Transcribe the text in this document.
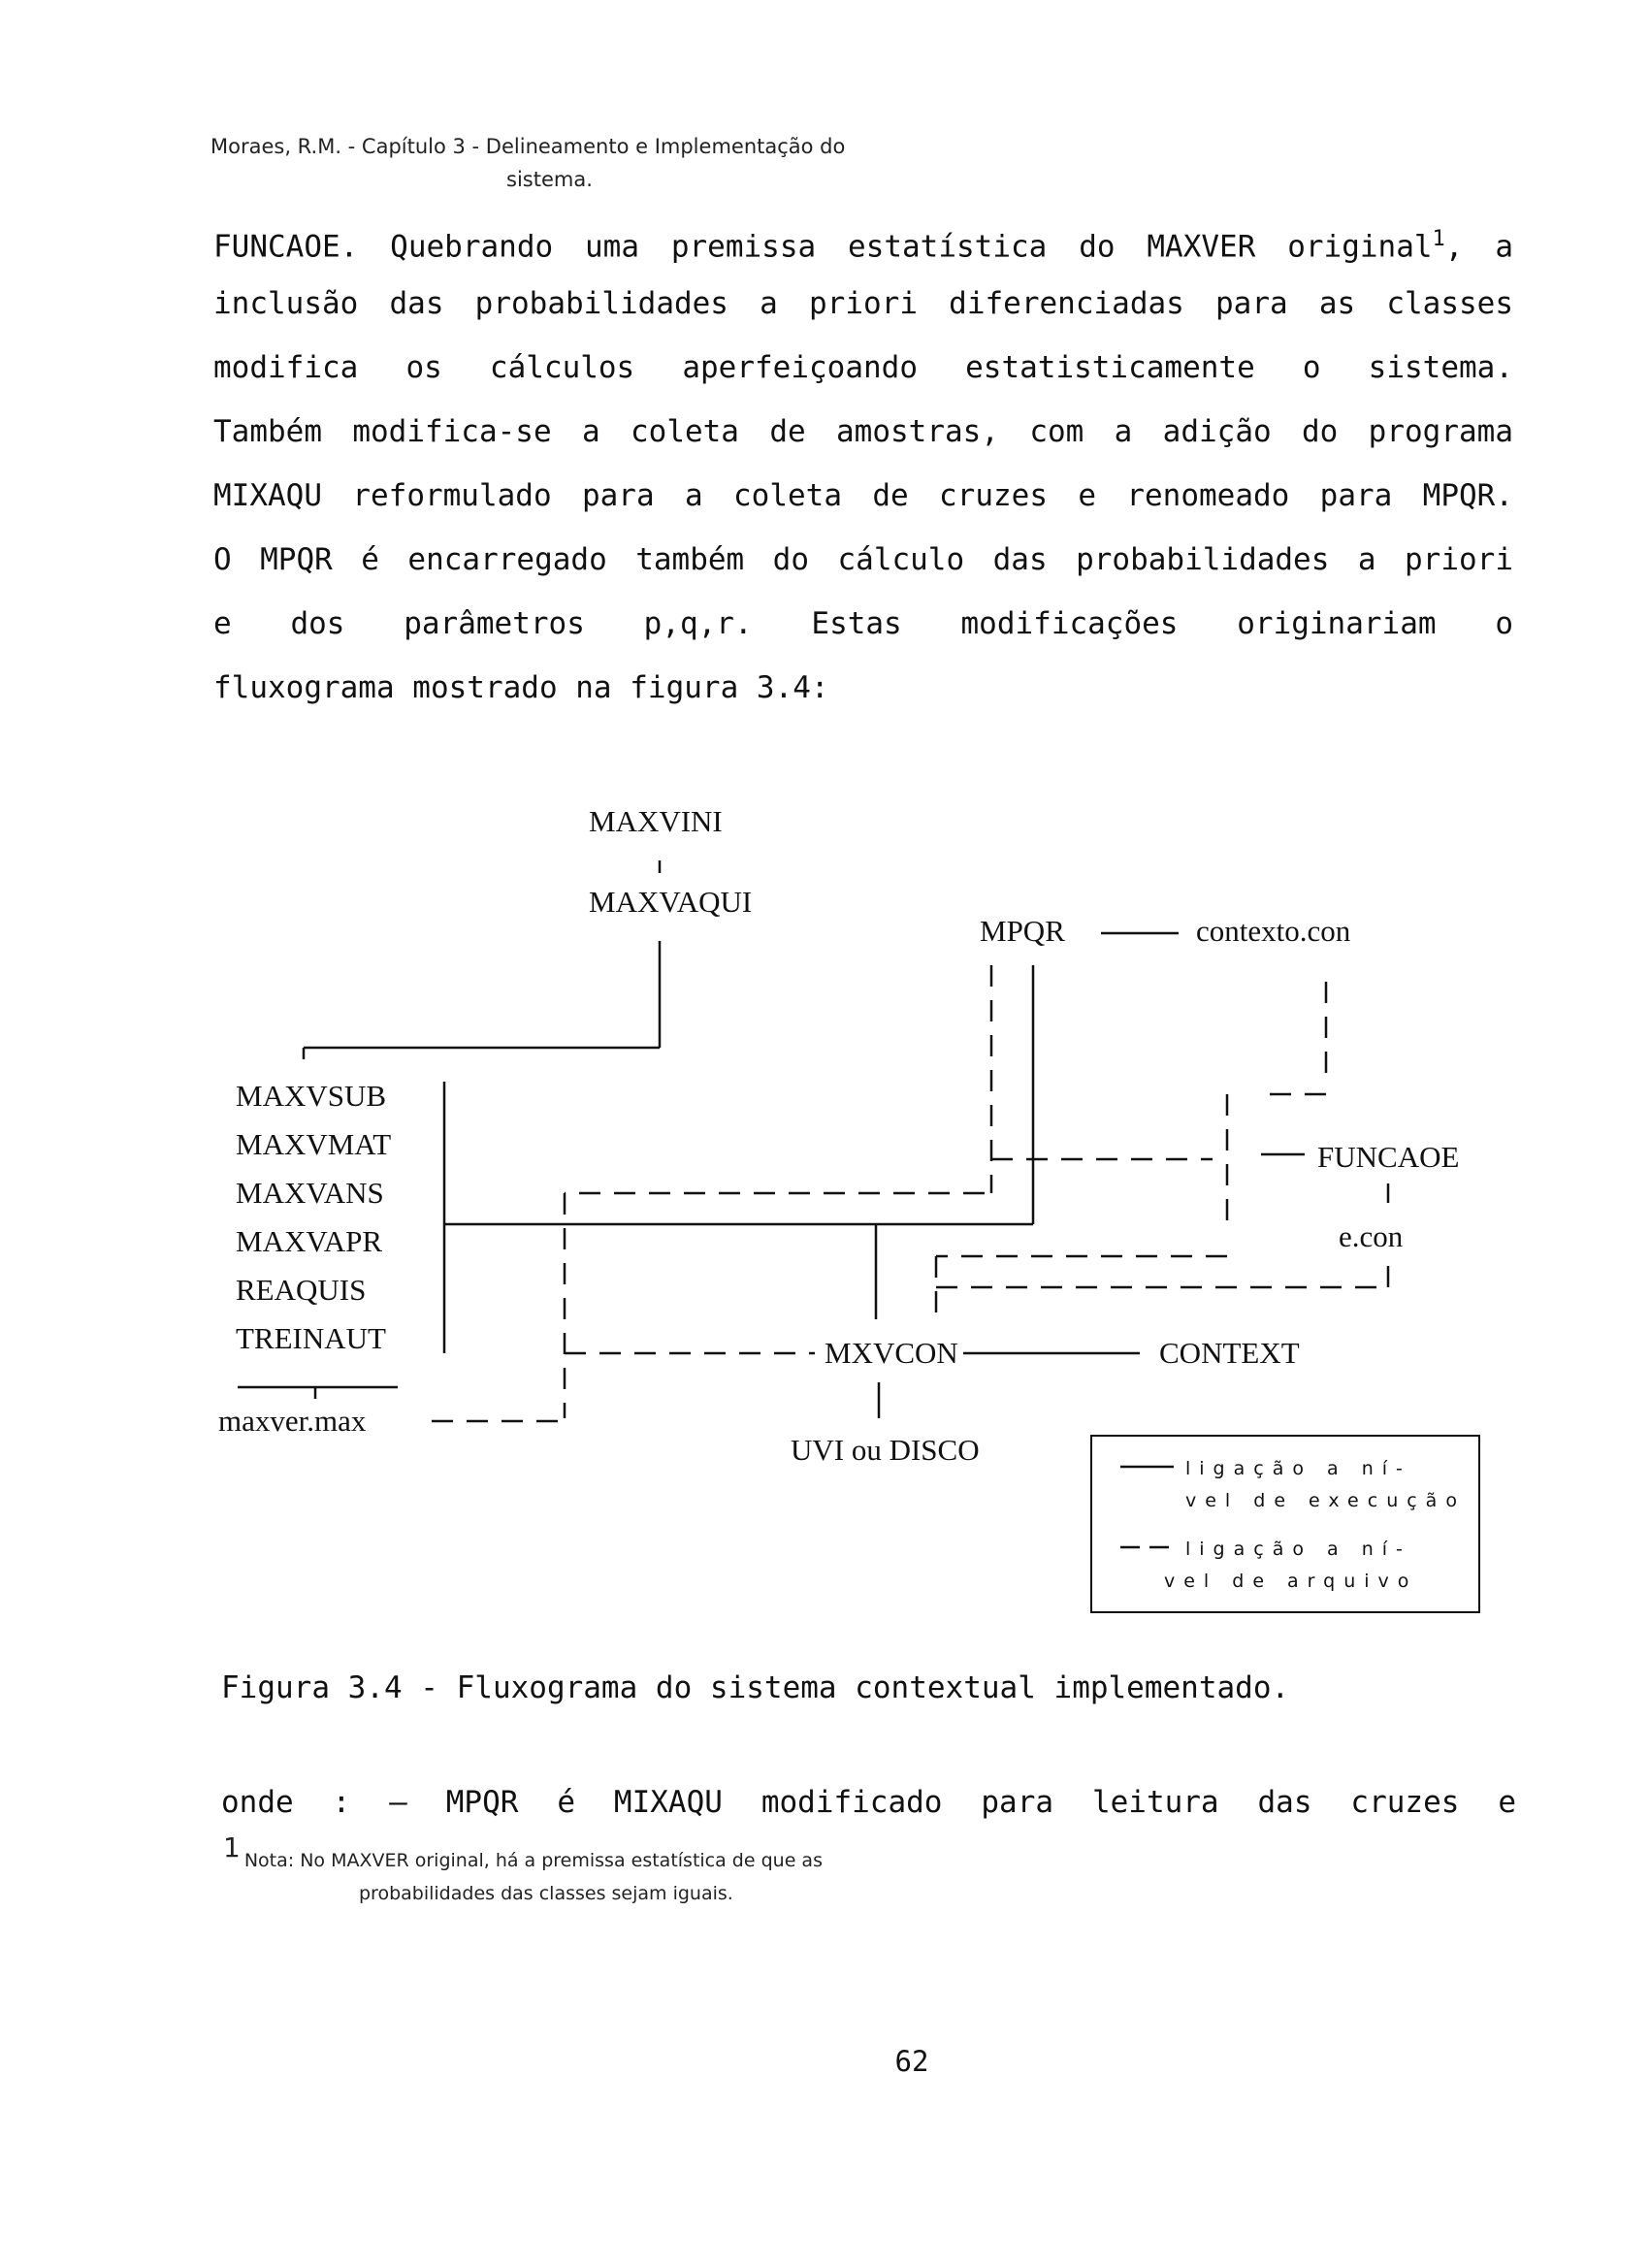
Moraes, R.M. - Capítulo 3 - Delineamento e Implementação do
sistema.
FUNCAOE. Quebrando uma premissa estatística do MAXVER original$^1$, a
inclusão das probabilidades a priori diferenciadas para as classes
modifica os cálculos aperfeiçoando estatisticamente o sistema.
Também modifica-se a coleta de amostras, com a adição do programa
MIXAQU reformulado para a coleta de cruzes e renomeado para MPQR.
O MPQR é encarregado também do cálculo das probabilidades a priori
e dos parâmetros p,q,r. Estas modificações originariam o
fluxograma mostrado na figura 3.4:
MAXVINI
MAXVAQUI
MPQR	contexto.con
MAXVSUB
MAXVMAT
MAXVANS
MAXVAPR
REAQUIS
TREINAUT
maxver.max
FUNCAOE
e.con
MXVCON	CONTEXT
UVI ou DISCO
ligação a ní-
vel de execução
ligação a ní-
vel de arquivo
Figura 3.4 - Fluxograma do sistema contextual implementado.
onde : — MPQR é MIXAQU modificado para leitura das cruzes e
1 Nota: No MAXVER original, há a premissa estatística de que as
probabilidades das classes sejam iguais.
62
